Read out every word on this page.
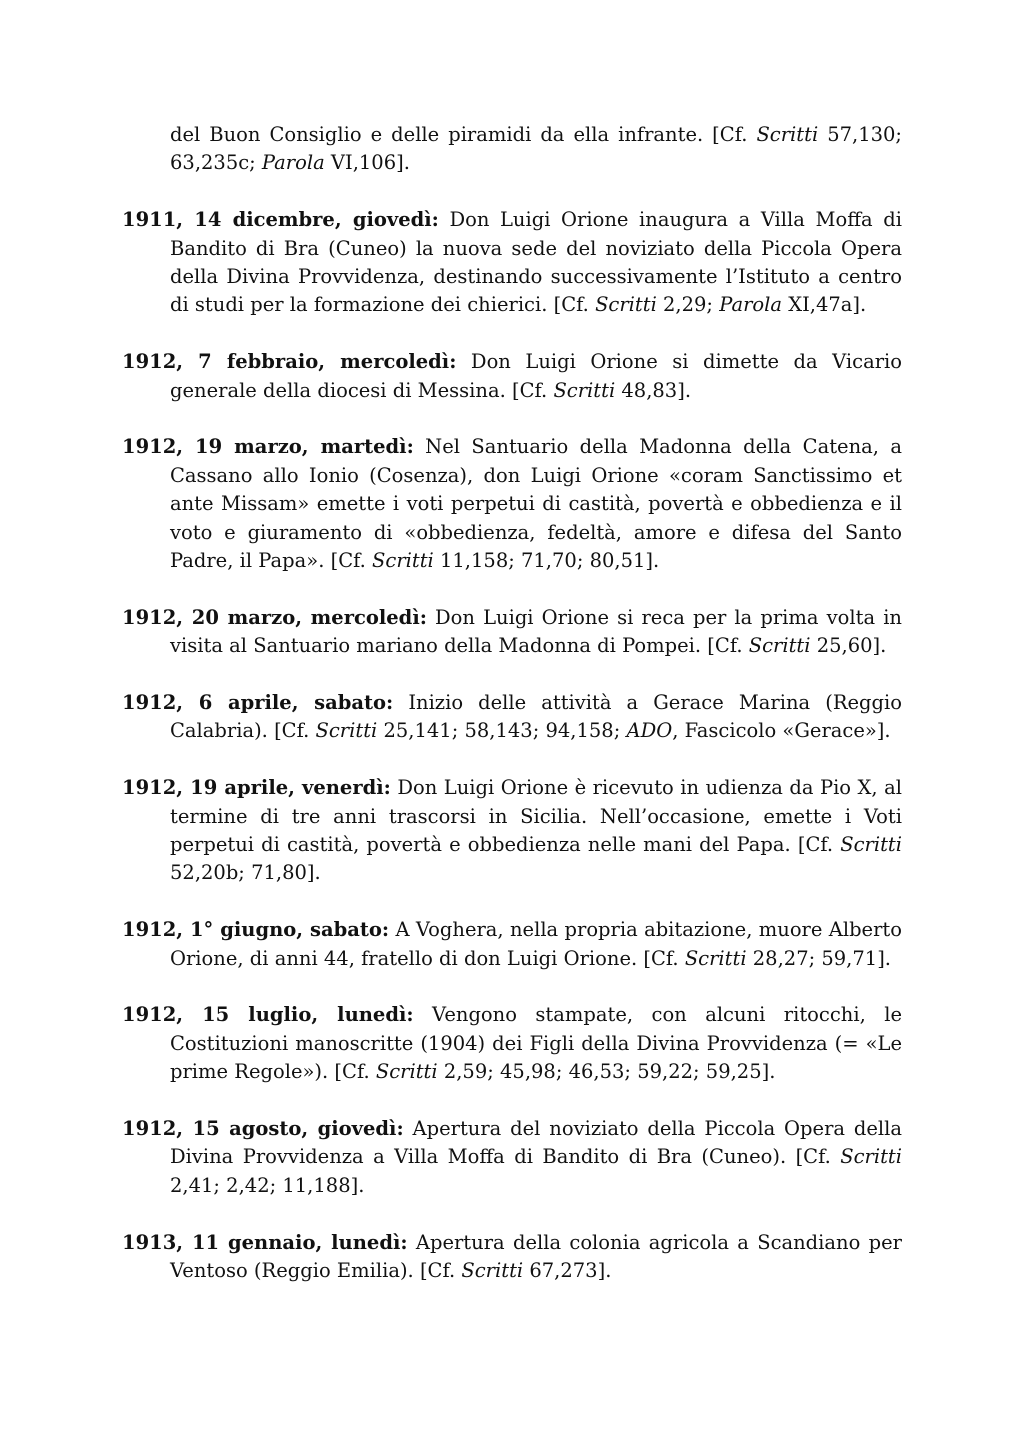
del Buon Consiglio e delle piramidi da ella infrante. [Cf. Scritti 57,130; 63,235c; Parola VI,106].

1911, 14 dicembre, giovedì: Don Luigi Orione inaugura a Villa Moffa di Bandito di Bra (Cuneo) la nuova sede del noviziato della Piccola Opera della Divina Provvidenza, destinando successivamente l’Istituto a centro di studi per la formazione dei chierici. [Cf. Scritti 2,29; Parola XI,47a].

1912, 7 febbraio, mercoledì: Don Luigi Orione si dimette da Vicario generale della diocesi di Messina. [Cf. Scritti 48,83].

1912, 19 marzo, martedì: Nel Santuario della Madonna della Catena, a Cassano allo Ionio (Cosenza), don Luigi Orione «coram Sanctissimo et ante Missam» emette i voti perpetui di castità, povertà e obbedienza e il voto e giuramento di «obbedienza, fedeltà, amore e difesa del Santo Padre, il Papa». [Cf. Scritti 11,158; 71,70; 80,51].

1912, 20 marzo, mercoledì: Don Luigi Orione si reca per la prima volta in visita al Santuario mariano della Madonna di Pompei. [Cf. Scritti 25,60].

1912, 6 aprile, sabato: Inizio delle attività a Gerace Marina (Reggio Calabria). [Cf. Scritti 25,141; 58,143; 94,158; ADO, Fascicolo «Gerace»].

1912, 19 aprile, venerdì: Don Luigi Orione è ricevuto in udienza da Pio X, al termine di tre anni trascorsi in Sicilia. Nell’occasione, emette i Voti perpetui di castità, povertà e obbedienza nelle mani del Papa. [Cf. Scritti 52,20b; 71,80].

1912, 1° giugno, sabato: A Voghera, nella propria abitazione, muore Alberto Orione, di anni 44, fratello di don Luigi Orione. [Cf. Scritti 28,27; 59,71].

1912, 15 luglio, lunedì: Vengono stampate, con alcuni ritocchi, le Costituzioni manoscritte (1904) dei Figli della Divina Provvidenza (= «Le prime Regole»). [Cf. Scritti 2,59; 45,98; 46,53; 59,22; 59,25].

1912, 15 agosto, giovedì: Apertura del noviziato della Piccola Opera della Divina Provvidenza a Villa Moffa di Bandito di Bra (Cuneo). [Cf. Scritti 2,41; 2,42; 11,188].

1913, 11 gennaio, lunedì: Apertura della colonia agricola a Scandiano per Ventoso (Reggio Emilia). [Cf. Scritti 67,273].
